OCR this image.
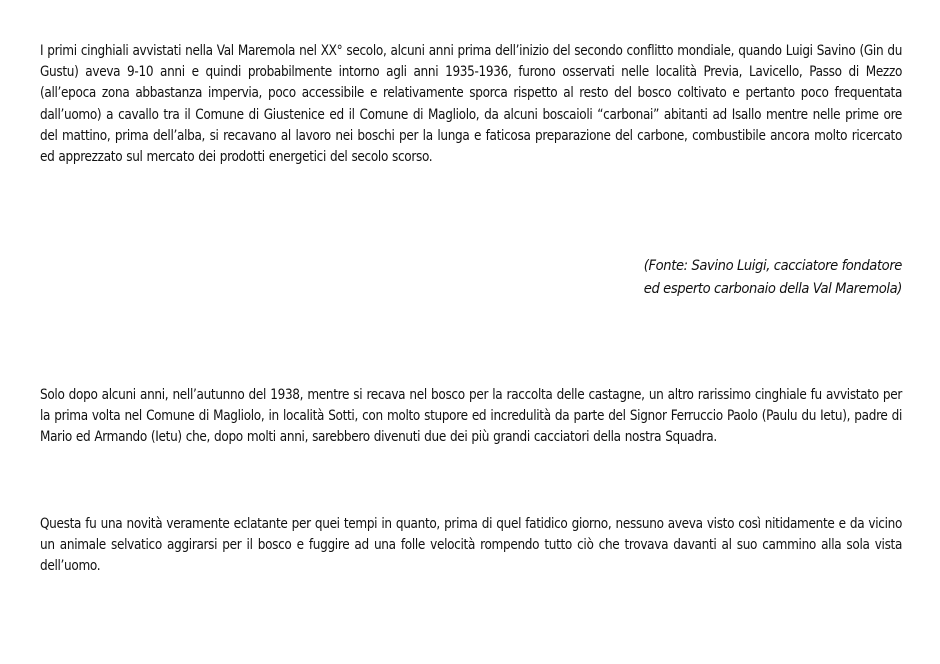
I primi cinghiali avvistati nella Val Maremola nel XX° secolo, alcuni anni prima dell’inizio del secondo conflitto mondiale, quando Luigi Savino (Gin du Gustu) aveva 9-10 anni e quindi probabilmente intorno agli anni 1935-1936, furono osservati nelle località Previa, Lavicello, Passo di Mezzo (all’epoca zona abbastanza impervia, poco accessibile e relativamente sporca rispetto al resto del bosco coltivato e pertanto poco frequentata dall’uomo) a cavallo tra il Comune di Giustenice ed il Comune di Magliolo, da alcuni boscaioli “carbonai” abitanti ad Isallo mentre nelle prime ore del mattino, prima dell’alba, si recavano al lavoro nei boschi per la lunga e faticosa preparazione del carbone, combustibile ancora molto ricercato ed apprezzato sul mercato dei prodotti energetici del secolo scorso.

(Fonte: Savino Luigi, cacciatore fondatore
ed esperto carbonaio della Val Maremola)

Solo dopo alcuni anni, nell’autunno del 1938, mentre si recava nel bosco per la raccolta delle castagne, un altro rarissimo cinghiale fu avvistato per la prima volta nel Comune di Magliolo, in località Sotti, con molto stupore ed incredulità da parte del Signor Ferruccio Paolo (Paulu du Ietu), padre di Mario ed Armando (Ietu) che, dopo molti anni, sarebbero divenuti due dei più grandi cacciatori della nostra Squadra.

Questa fu una novità veramente eclatante per quei tempi in quanto, prima di quel fatidico giorno, nessuno aveva visto così nitidamente e da vicino un animale selvatico aggirarsi per il bosco e fuggire ad una folle velocità rompendo tutto ciò che trovava davanti al suo cammino alla sola vista dell’uomo.
